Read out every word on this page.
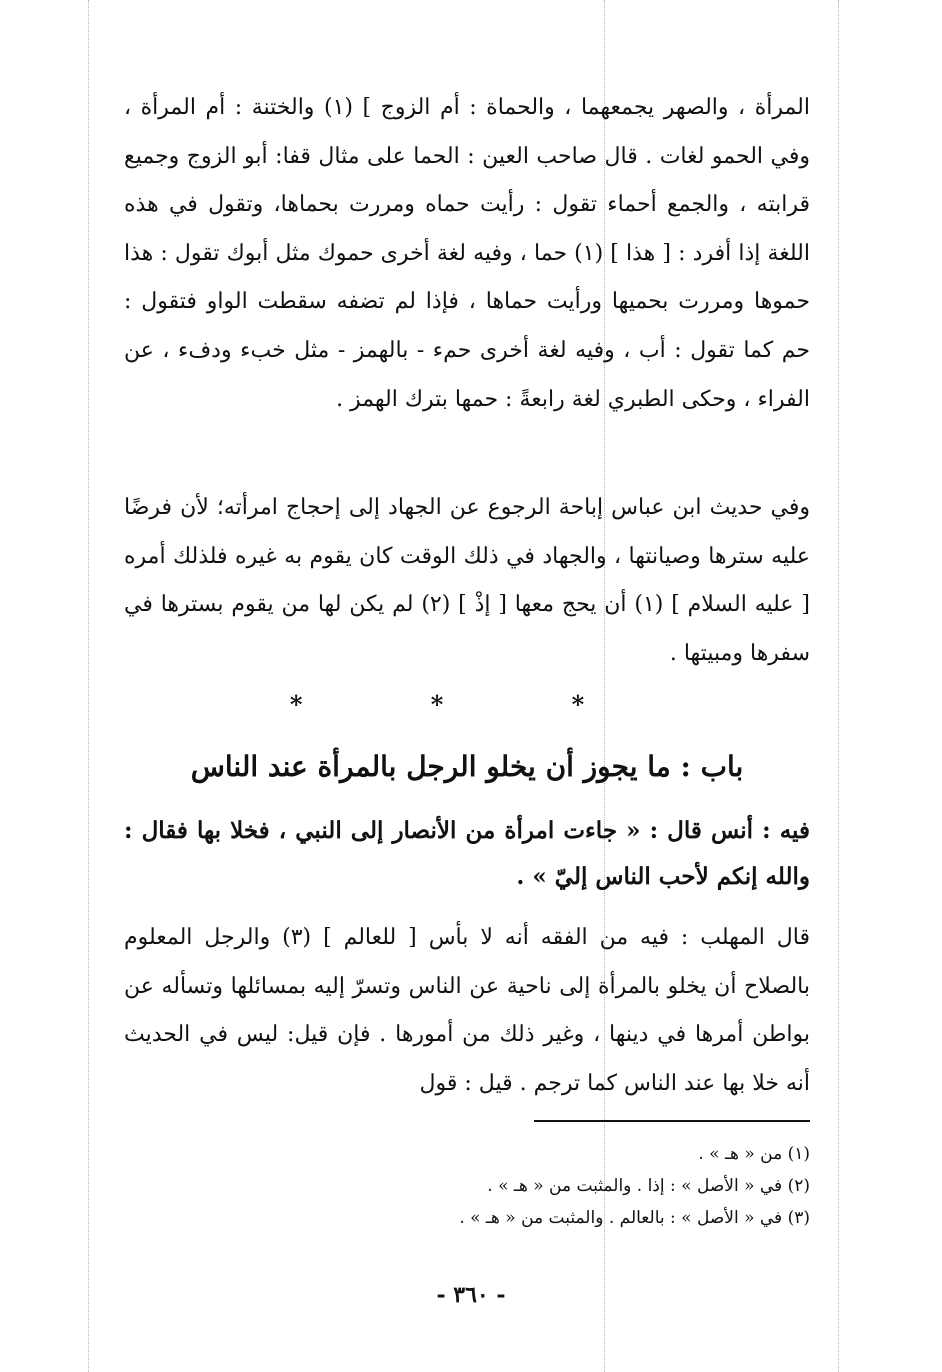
المرأة ، والصهر يجمعهما ، والحماة : أم الزوج ] (١) والختنة : أم المرأة ، وفي الحمو لغات . قال صاحب العين : الحما على مثال قفا: أبو الزوج وجميع قرابته ، والجمع أحماء تقول : رأيت حماه ومررت بحماها، وتقول في هذه اللغة إذا أفرد : [ هذا ] (١) حما ، وفيه لغة أخرى حموك مثل أبوك تقول : هذا حموها ومررت بحميها ورأيت حماها ، فإذا لم تضفه سقطت الواو فتقول : حم كما تقول : أب ، وفيه لغة أخرى حمء - بالهمز - مثل خبء ودفء ، عن الفراء ، وحكى الطبري لغة رابعةً : حمها بترك الهمز .

وفي حديث ابن عباس إباحة الرجوع عن الجهاد إلى إحجاج امرأته؛ لأن فرضًا عليه سترها وصيانتها ، والجهاد في ذلك الوقت كان يقوم به غيره فلذلك أمره [ عليه السلام ] (١) أن يحج معها [ إذْ ] (٢) لم يكن لها من يقوم بسترها في سفرها ومبيتها .

* * *
باب : ما يجوز أن يخلو الرجل بالمرأة عند الناس

فيه : أنس قال : « جاءت امرأة من الأنصار إلى النبي ، فخلا بها فقال : والله إنكم لأحب الناس إليّ » .

قال المهلب : فيه من الفقه أنه لا بأس [ للعالم ] (٣) والرجل المعلوم بالصلاح أن يخلو بالمرأة إلى ناحية عن الناس وتسرّ إليه بمسائلها وتسأله عن بواطن أمرها في دينها ، وغير ذلك من أمورها . فإن قيل: ليس في الحديث أنه خلا بها عند الناس كما ترجم . قيل : قول

(١) من « هـ » .
(٢) في « الأصل » : إذا . والمثبت من « هـ » .
(٣) في « الأصل » : بالعالم . والمثبت من « هـ » .
- ٣٦٠ -
